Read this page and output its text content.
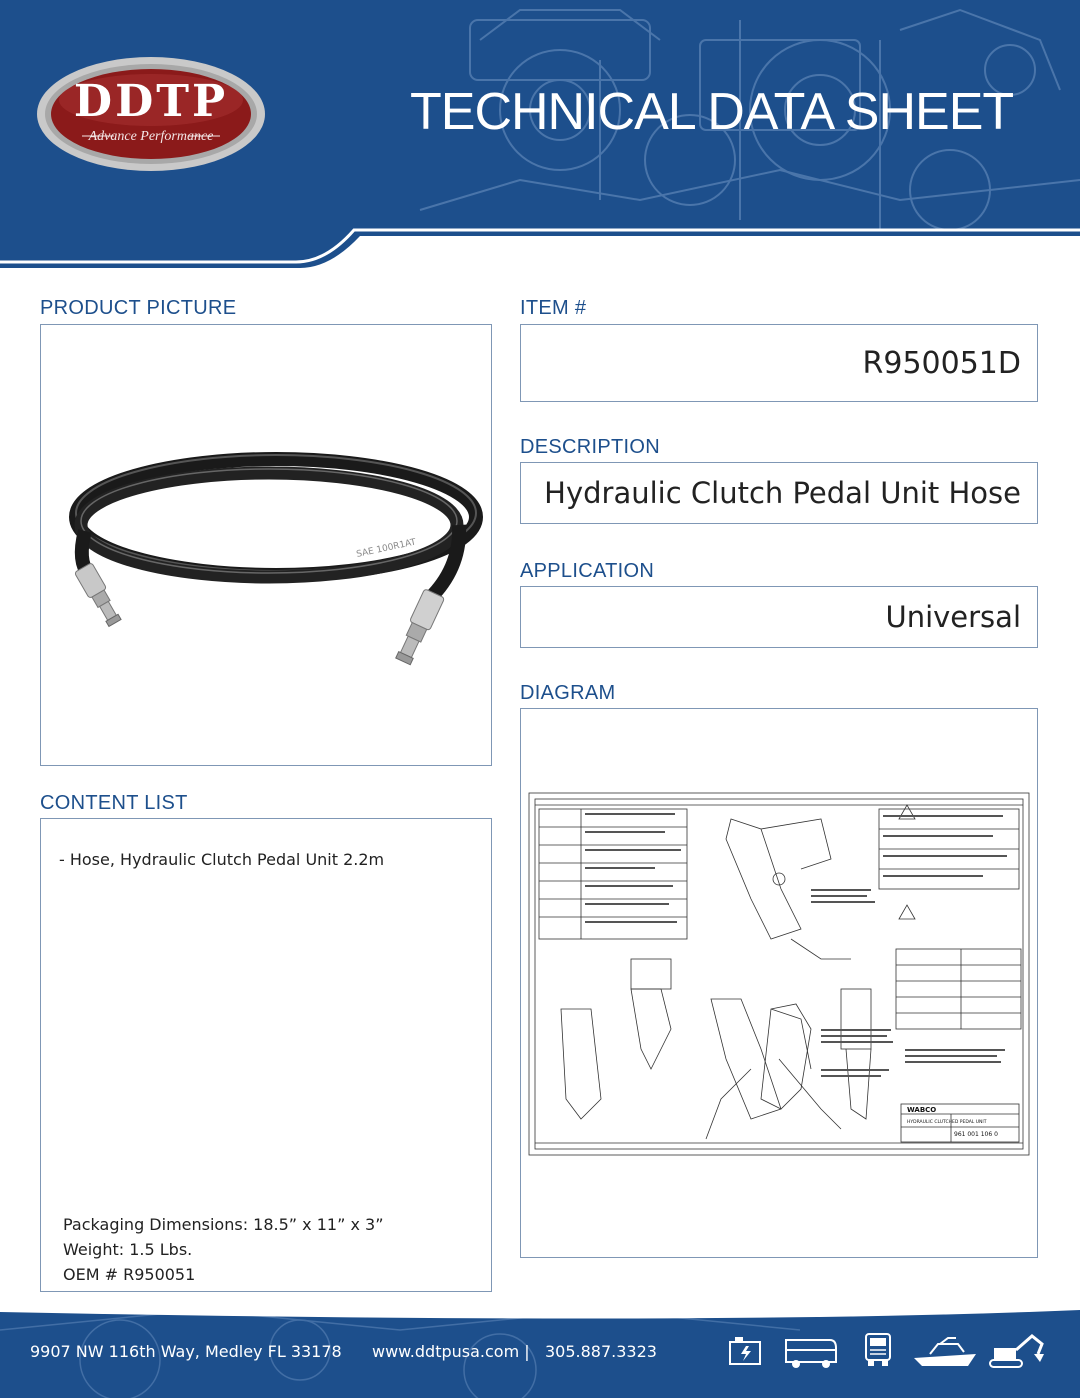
DDTP
Advance Performance	TECHNICAL DATA SHEET
PRODUCT PICTURE
SAE 100R1AT
ITEM #
R950051D
DESCRIPTION
Hydraulic Clutch Pedal Unit Hose
APPLICATION
Universal
DIAGRAM
WABCO
961 001 106 0
HYDRAULIC CLUTCHED PEDAL UNIT
CONTENT LIST
- Hose, Hydraulic Clutch Pedal Unit 2.2m
Packaging Dimensions: 18.5” x 11” x 3”
Weight: 1.5 Lbs.
OEM # R950051
9907 NW 116th Way, Medley FL 33178 www.ddtpusa.com | 305.887.3323
